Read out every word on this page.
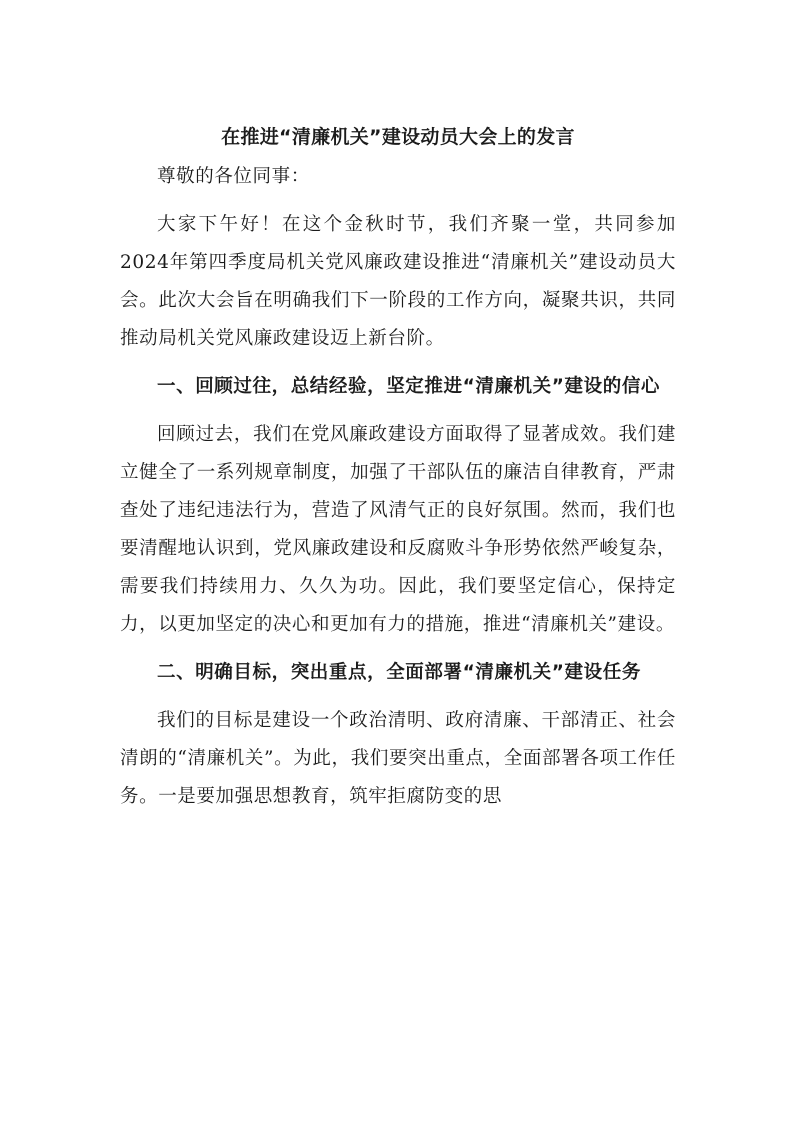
在推进“清廉机关”建设动员大会上的发言

尊敬的各位同事：

大家下午好！在这个金秋时节，我们齐聚一堂，共同参加2024年第四季度局机关党风廉政建设推进“清廉机关”建设动员大会。此次大会旨在明确我们下一阶段的工作方向，凝聚共识，共同推动局机关党风廉政建设迈上新台阶。

一、回顾过往，总结经验，坚定推进“清廉机关”建设的信心

回顾过去，我们在党风廉政建设方面取得了显著成效。我们建立健全了一系列规章制度，加强了干部队伍的廉洁自律教育，严肃查处了违纪违法行为，营造了风清气正的良好氛围。然而，我们也要清醒地认识到，党风廉政建设和反腐败斗争形势依然严峻复杂，需要我们持续用力、久久为功。因此，我们要坚定信心，保持定力，以更加坚定的决心和更加有力的措施，推进“清廉机关”建设。

二、明确目标，突出重点，全面部署“清廉机关”建设任务

我们的目标是建设一个政治清明、政府清廉、干部清正、社会清朗的“清廉机关”。为此，我们要突出重点，全面部署各项工作任务。一是要加强思想教育，筑牢拒腐防变的思
